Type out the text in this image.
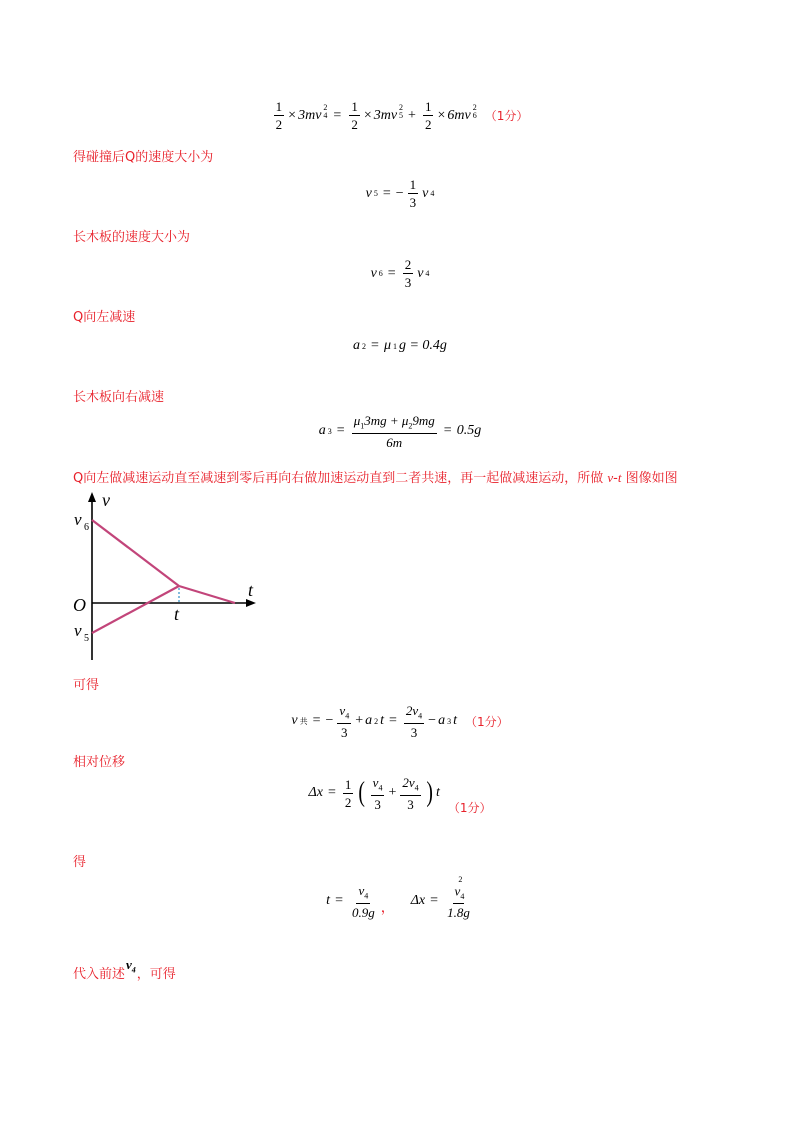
$\frac{1}{2} \times 3mv$ 4
$^2 = \frac{1}{2} \times 3mv$ 5
$^2 + \frac{1}{2} \times 6mv$ 6
$^2$
（1分）
得碰撞后Q的速度大小为
v 5 = − $\frac{1}{3}$ v 4
长木板的速度大小为
v $6 = \frac{2}{3}$ v 4
Q向左减速
a 2 = μ 1 g = 0.4g
长木板向右减速
a $3 = \frac{\mu_13mg + \mu_29mg}{6m} = 0.5g$
Q向左做减速运动直至减速到零后再向右做加速运动直到二者共速，再一起做减速运动，所做 v-t 图像如图
v
t
O
v 6
v 5
t
可得
v 共 = − $\frac{v_4}{3} + a$ 2 $t = \frac{2v_4}{3} - a$ 3 t （1分）
相对位移
$\Delta x = \frac{1}{2}$ ( $\frac{v_4}{3} + \frac{2v_4}{3}$ ) t
（1分）
得
$t = \frac{v_4}{0.9g}$ ，
$\Delta x = \frac{v_4^2}{1.8g}$
代入前述$v_4$，可得
